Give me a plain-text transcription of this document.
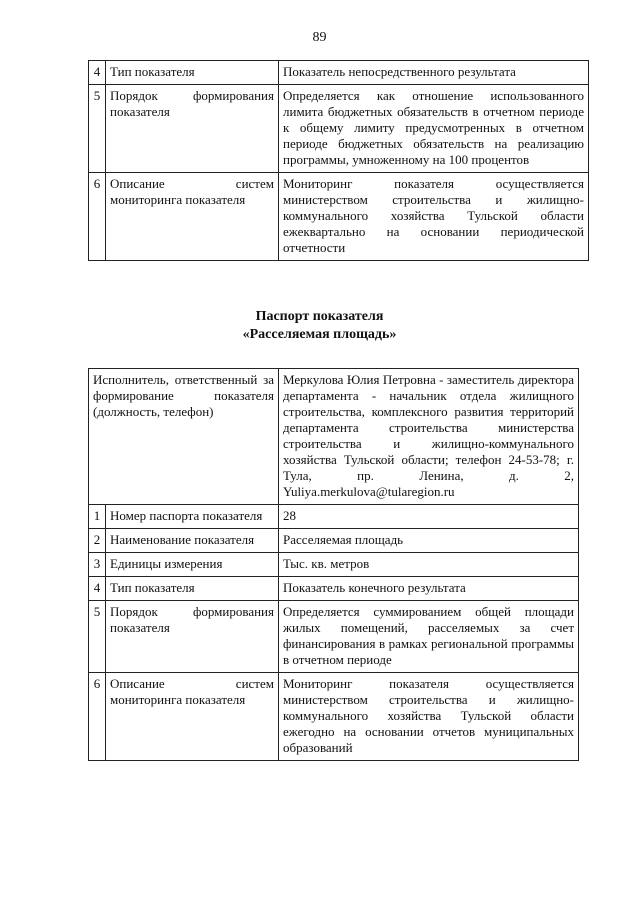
89
4	Тип показателя	Показатель непосредственного результата
5	Порядок формирования показателя	Определяется как отношение использованного лимита бюджетных обязательств в отчетном периоде к общему лимиту предусмотренных в отчетном периоде бюджетных обязательств на реализацию программы, умноженному на 100 процентов
6	Описание систем мониторинга показателя	Мониторинг показателя осуществляется министерством строительства и жилищно-коммунального хозяйства Тульской области ежеквартально на основании периодической отчетности
Паспорт показателя
«Расселяемая площадь»
Исполнитель, ответственный за формирование показателя (должность, телефон)		Меркулова Юлия Петровна - заместитель директора департамента - начальник отдела жилищного строительства, комплексного развития территорий департамента строительства министерства строительства и жилищно-коммунального хозяйства Тульской области; телефон 24-53-78; г. Тула, пр. Ленина, д. 2, Yuliya.merkulova@tularegion.ru
1	Номер паспорта показателя	28
2	Наименование показателя	Расселяемая площадь
3	Единицы измерения	Тыс. кв. метров
4	Тип показателя	Показатель конечного результата
5	Порядок формирования показателя	Определяется суммированием общей площади жилых помещений, расселяемых за счет финансирования в рамках региональной программы в отчетном периоде
6	Описание систем мониторинга показателя	Мониторинг показателя осуществляется министерством строительства и жилищно-коммунального хозяйства Тульской области ежегодно на основании отчетов муниципальных образований
